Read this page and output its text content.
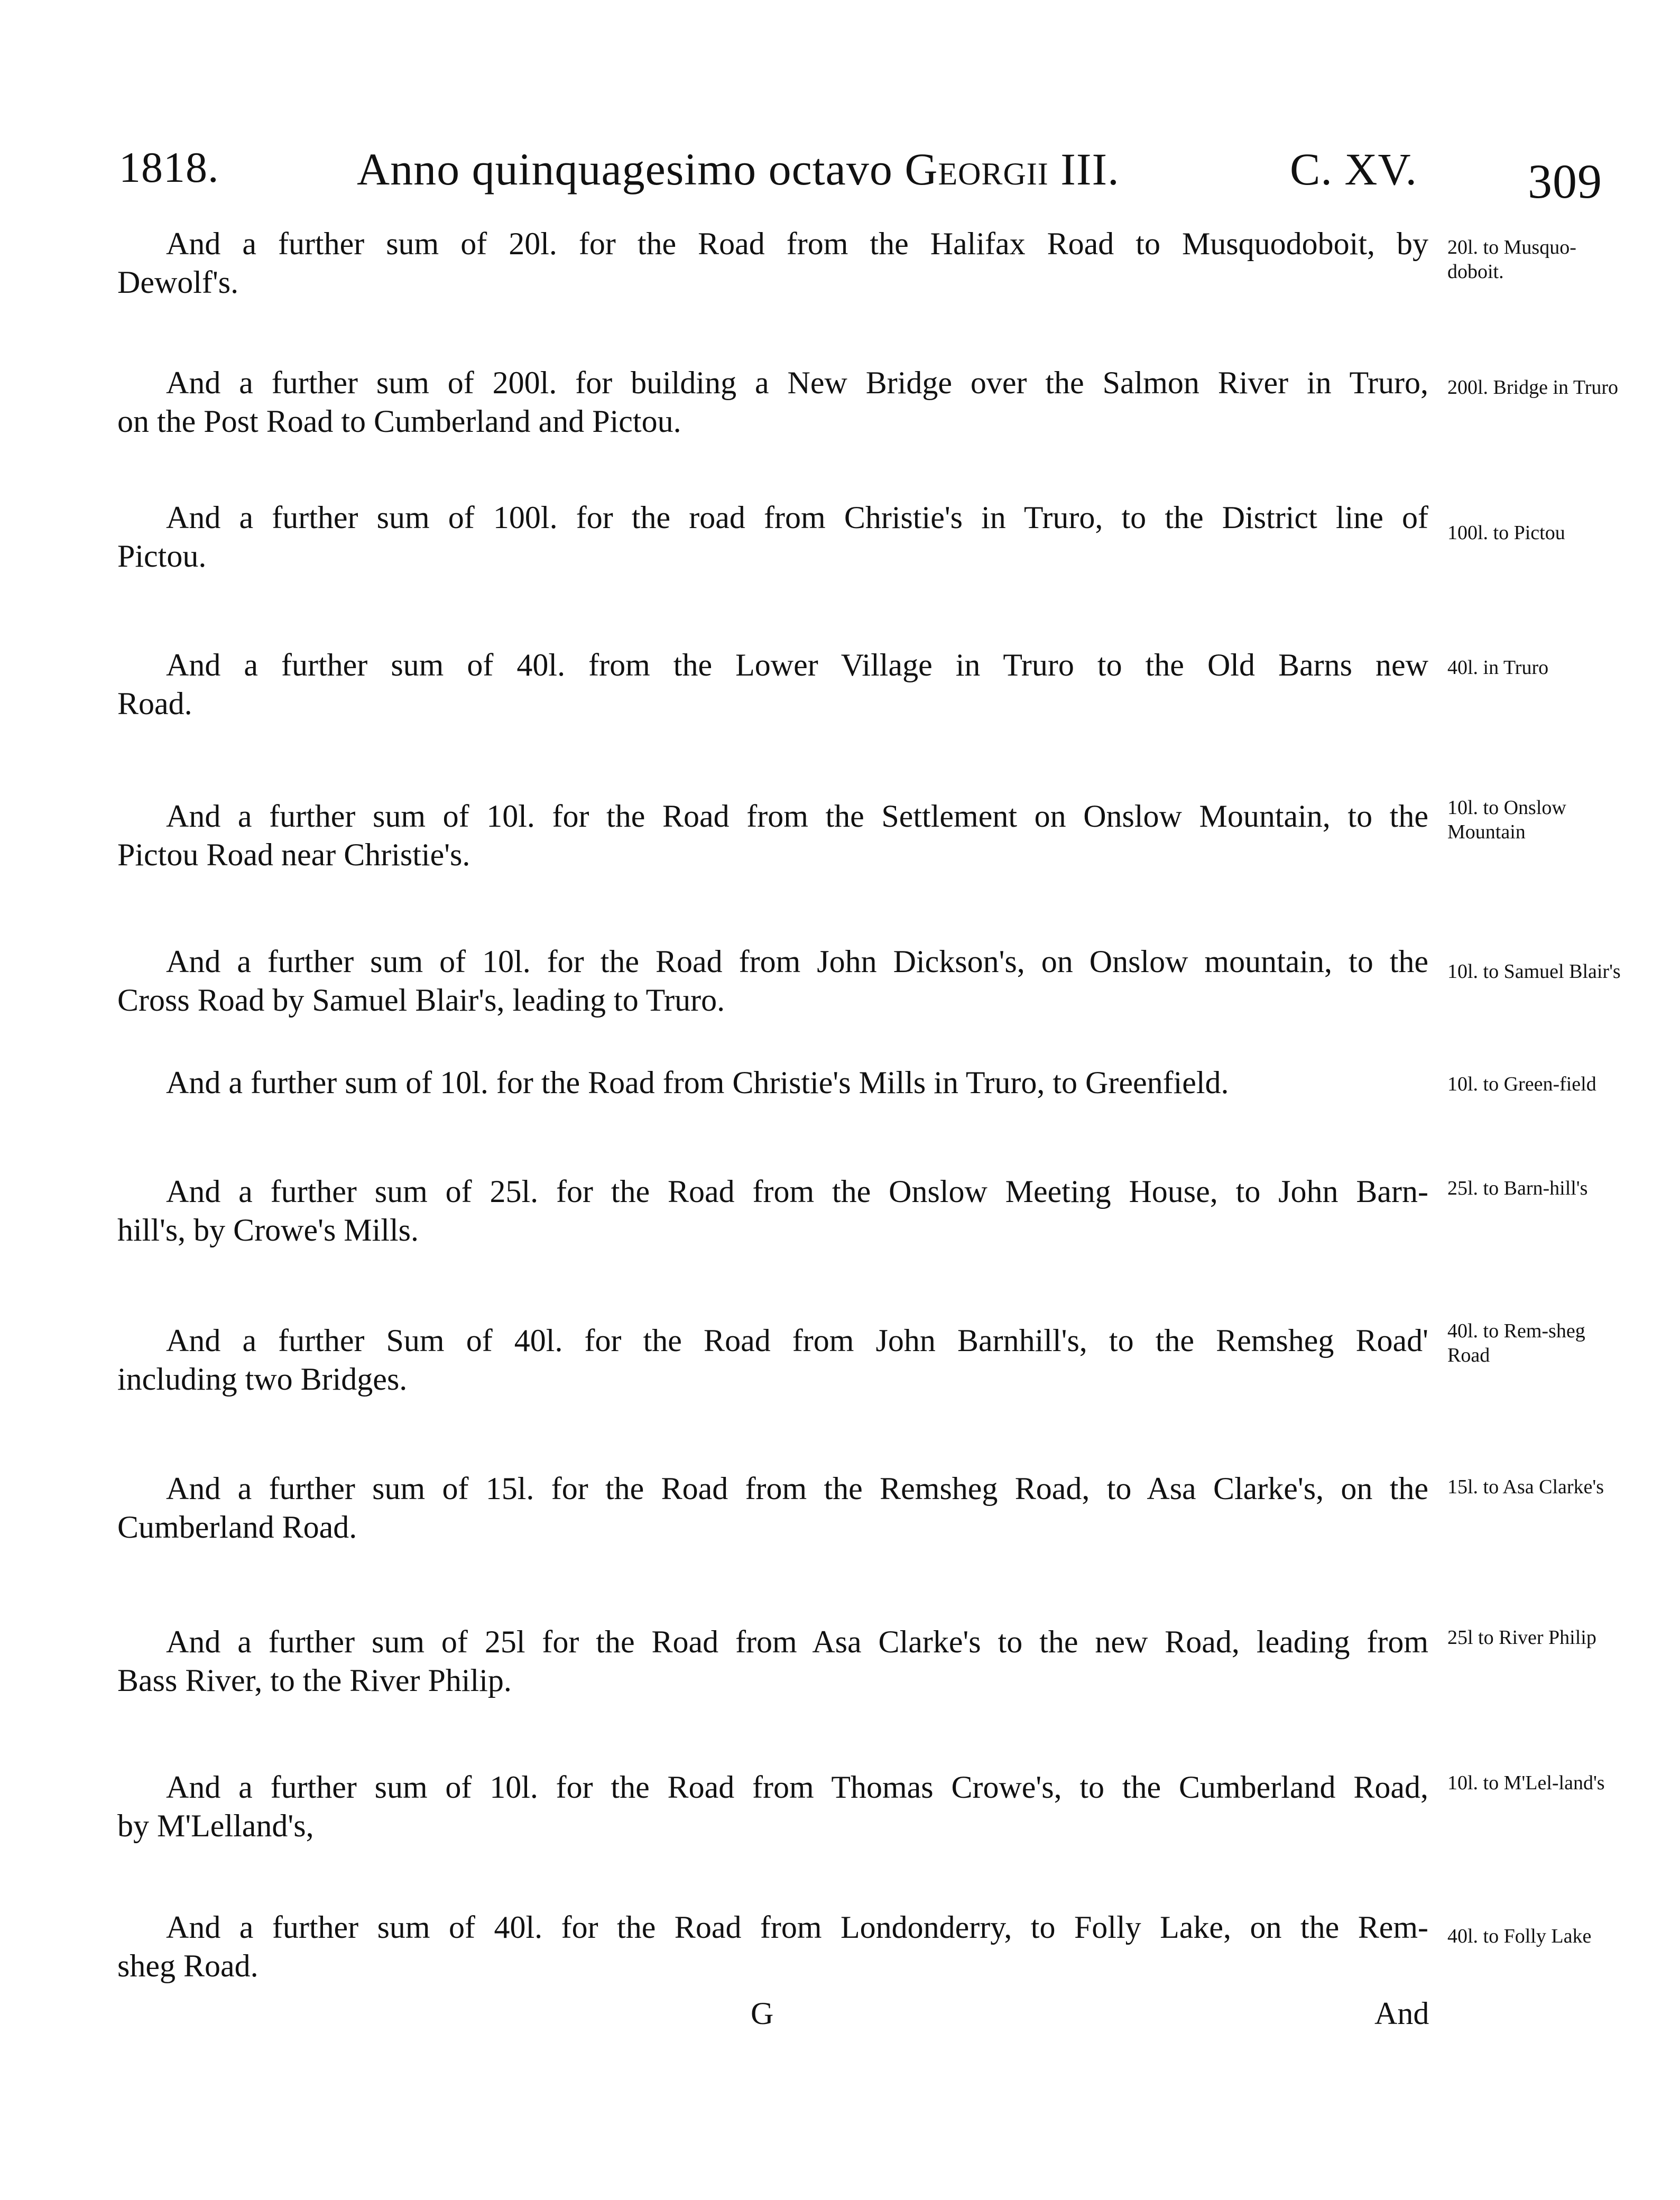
1818.	Anno quinquagesimo octavo Georgii III.	C. XV. 309
And a further sum of 20l. for the Road from the Halifax Road to Musquodoboit, by
Dewolf's.
20l. to Musquo-doboit.
And a further sum of 200l. for building a New Bridge over the Salmon River in Truro,
on the Post Road to Cumberland and Pictou.
200l. Bridge in Truro
And a further sum of 100l. for the road from Christie's in Truro, to the District line of
Pictou.
100l. to Pictou
And a further sum of 40l. from the Lower Village in Truro to the Old Barns new
Road.
40l. in Truro
And a further sum of 10l. for the Road from the Settlement on Onslow Mountain, to the
Pictou Road near Christie's.
10l. to Onslow Mountain
And a further sum of 10l. for the Road from John Dickson's, on Onslow mountain, to the
Cross Road by Samuel Blair's, leading to Truro.
10l. to Samuel Blair's
And a further sum of 10l. for the Road from Christie's Mills in Truro, to Greenfield.	10l. to Green-field
And a further sum of 25l. for the Road from the Onslow Meeting House, to John Barn-
hill's, by Crowe's Mills.
25l. to Barn-hill's
And a further Sum of 40l. for the Road from John Barnhill's, to the Remsheg Road'
including two Bridges.
40l. to Rem-sheg Road
And a further sum of 15l. for the Road from the Remsheg Road, to Asa Clarke's, on the
Cumberland Road.
15l. to Asa Clarke's
And a further sum of 25l for the Road from Asa Clarke's to the new Road, leading from
Bass River, to the River Philip.
25l to River Philip
And a further sum of 10l. for the Road from Thomas Crowe's, to the Cumberland Road,
by M'Lelland's,
10l. to M'Lel-land's
And a further sum of 40l. for the Road from Londonderry, to Folly Lake, on the Rem-
sheg Road.
40l. to Folly Lake
G	And
